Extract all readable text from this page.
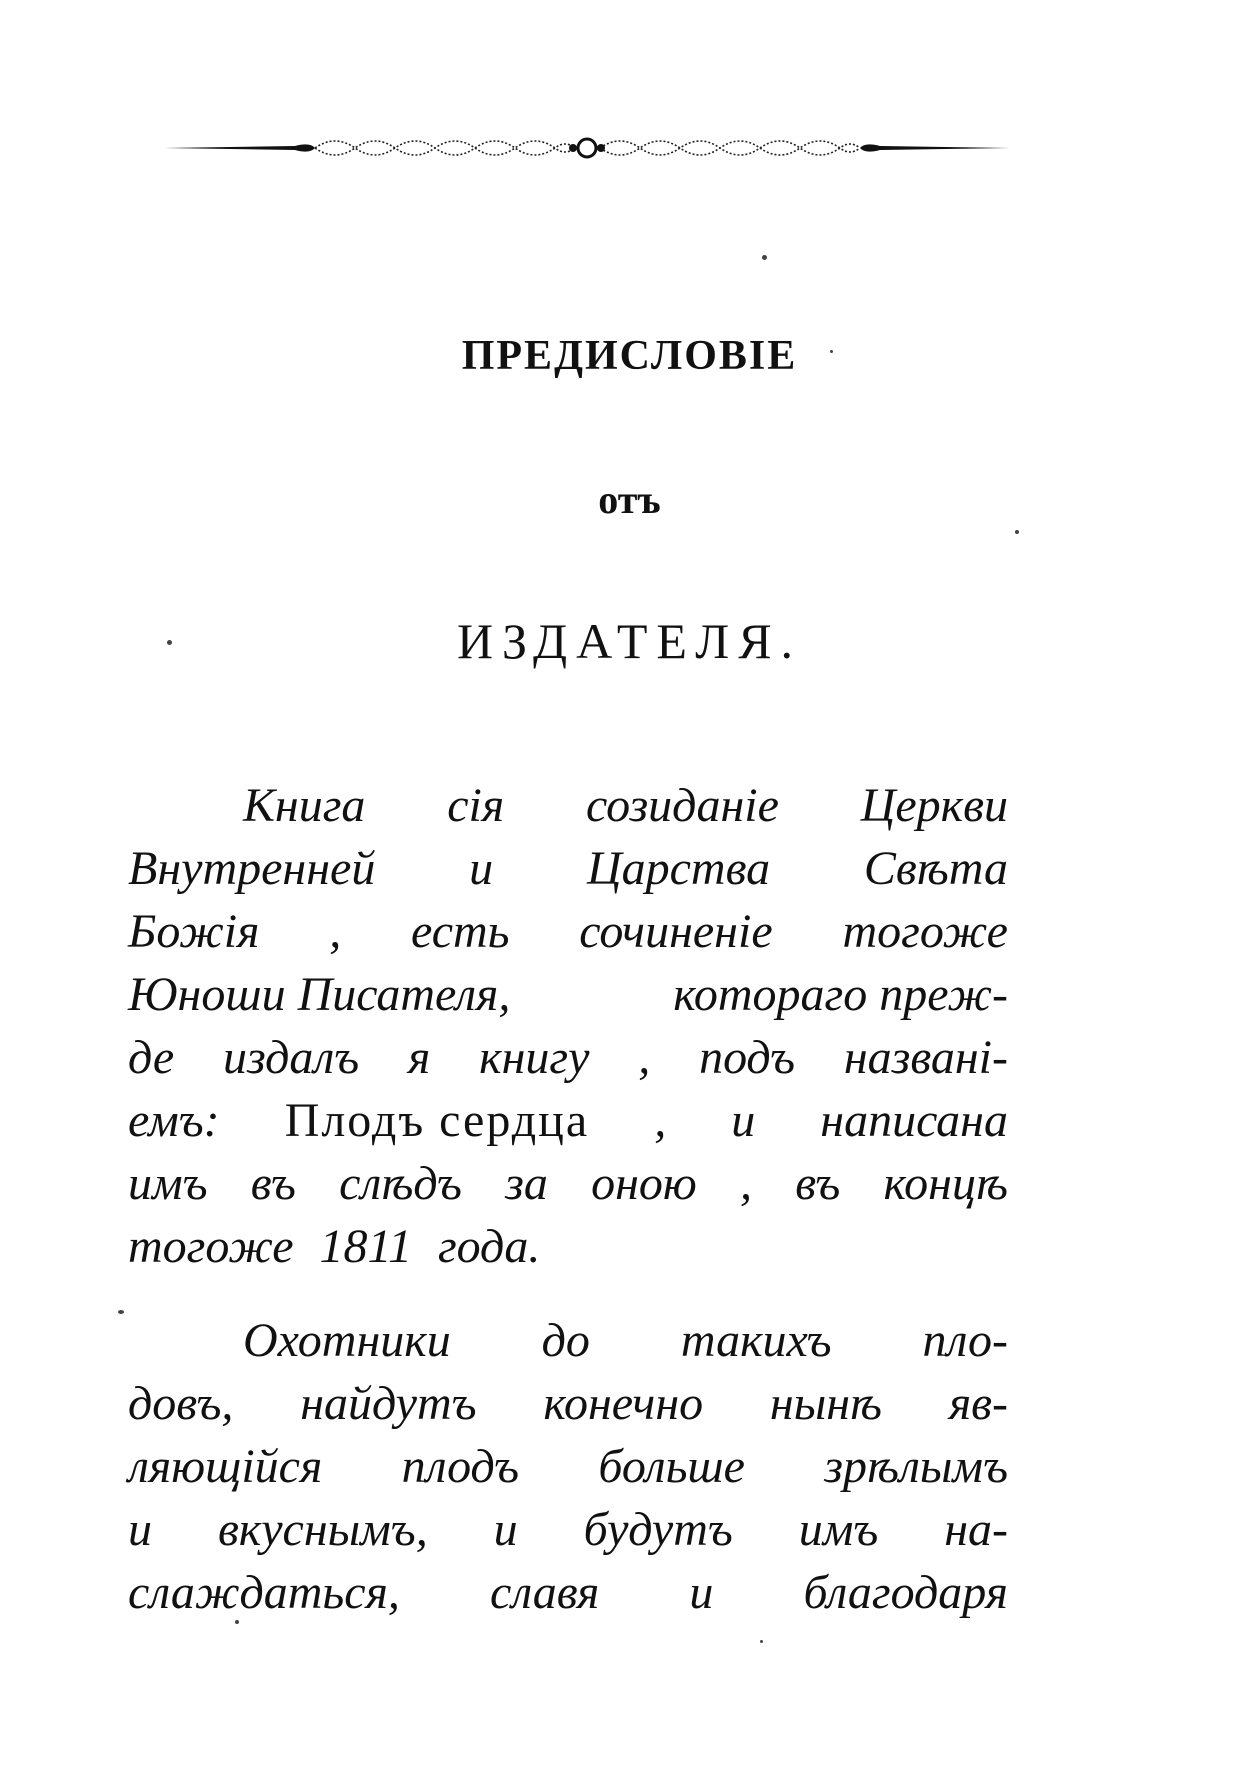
ПРЕДИСЛОВІЕ
отъ
ИЗДАТЕЛЯ.
Книга сія созиданіе Церкви
Внутренней и Царства Свѣта
Божія , есть сочиненіе тогоже
Юноши Писателя,	котораго преж-
де издалъ я книгу , подъ названі-
емъ: Плодъ сердца , и написана
имъ въ слѣдъ за оною , въ концѣ
тогоже 1811 года.
Охотники до такихъ пло-
довъ, найдутъ конечно нынѣ яв-
ляющійся плодъ больше зрѣлымъ
и вкуснымъ, и будутъ имъ на-
слаждаться, славя и благодаря
